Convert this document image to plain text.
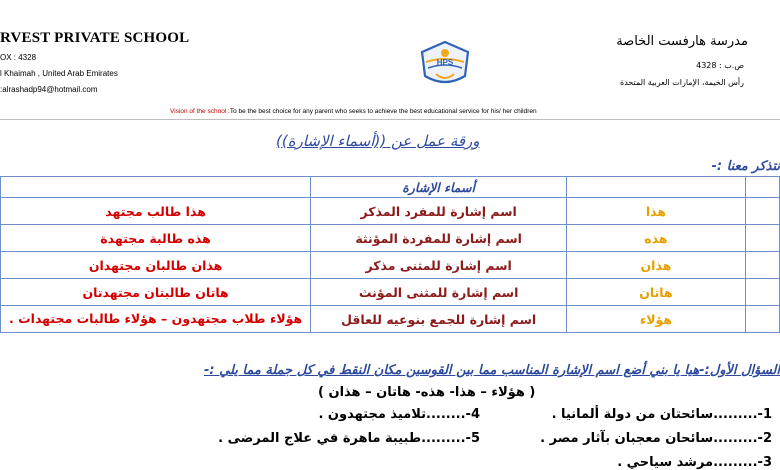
RVEST PRIVATE SCHOOL
OX : 4328
l Khaimah , United Arab Emirates
:alrashadp94@hotmail.com
مدرسة هارفست الخاصة
ص.ب : 4328
رأس الخيمة، الإمارات العربية المتحدة
HPS
Vision of the school :To be the best choice for any parent who seeks to achieve the best educational service for his/ her children
ورقة عمل عن ((أسماء الإشارة))
نتذكر معنا :-
	أسماء الإشارة		
هذا طالب مجتهد	اسم إشارة للمفرد المذكر	هذا	
هذه طالبة مجتهدة	اسم إشارة للمفردة المؤنثة	هذه	
هذان طالبان مجتهدان	اسم إشارة للمثنى مذكر	هذان	
هاتان طالبتان مجتهدتان	اسم إشارة للمثنى المؤنث	هاتان	
هؤلاء طلاب مجتهدون – هؤلاء طالبات مجتهدات .	اسم إشارة للجمع بنوعيه للعاقل	هؤلاء	
السؤال الأول:-هيا يا بني أضع اسم الإشارة المناسب مما بين القوسين مكان النقط في كل جملة مما يلي :-
( هؤلاء – هذا- هذه- هاتان – هذان )
1-.........سائحتان من دولة ألمانيا .
4-........تلاميذ مجتهدون .
2-.........سائحان معجبان بآثار مصر .
5-.........طبيبة ماهرة في علاج المرضى .
3-.........مرشد سياحي .
